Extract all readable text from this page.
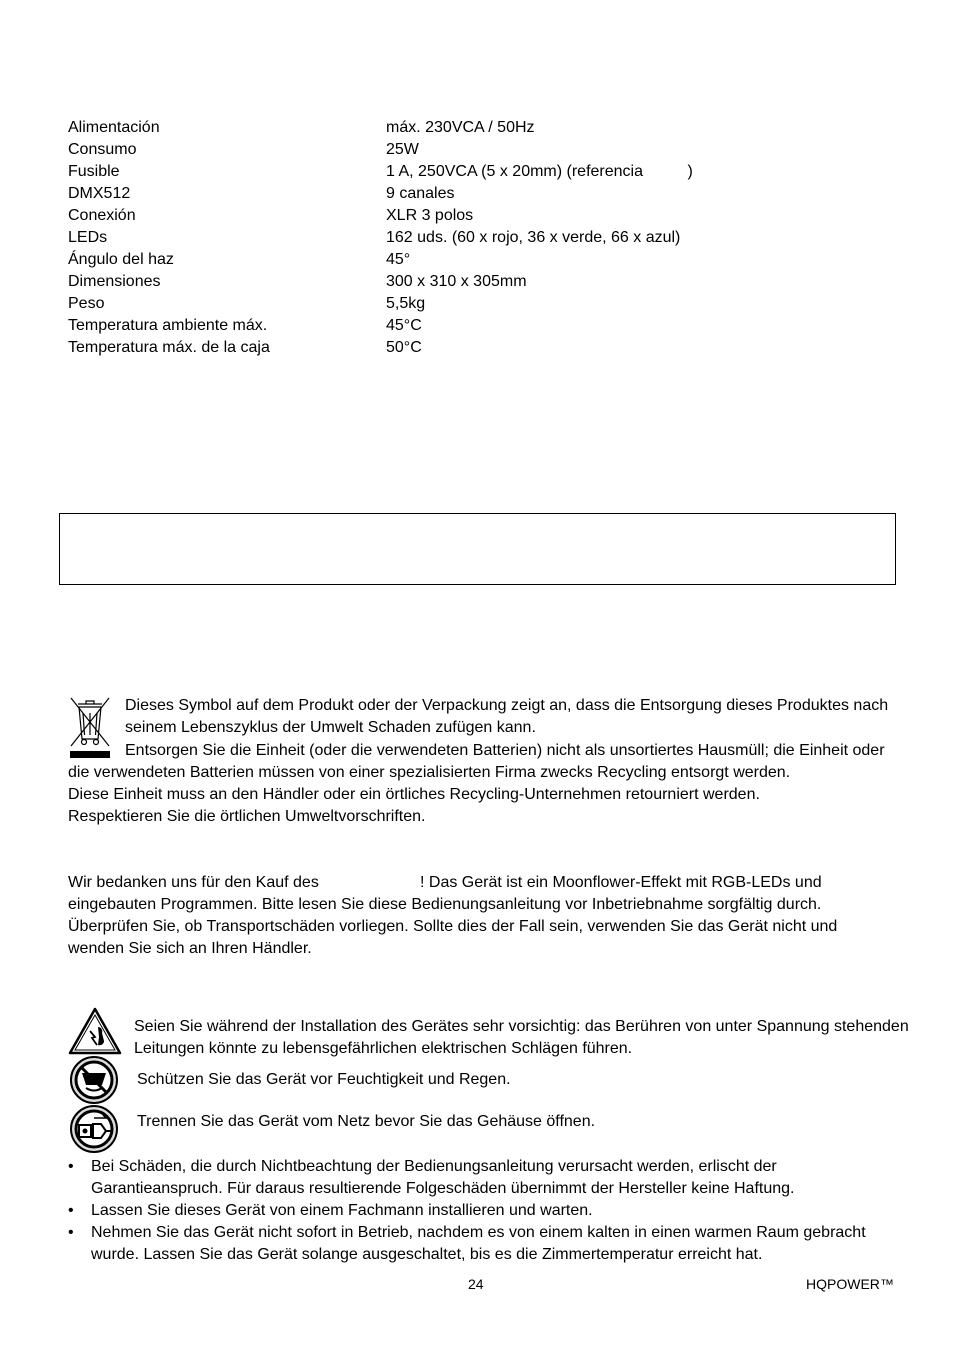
Alimentación	máx. 230VCA / 50Hz
Consumo	25W
Fusible	1 A, 250VCA (5 x 20mm) (referencia          )
DMX512	9 canales
Conexión	XLR 3 polos
LEDs	162 uds. (60 x rojo, 36 x verde, 66 x azul)
Ángulo del haz	45°
Dimensiones	300 x 310 x 305mm
Peso	5,5kg
Temperatura ambiente máx.	45°C
Temperatura máx. de la caja	50°C
Dieses Symbol auf dem Produkt oder der Verpackung zeigt an, dass die Entsorgung dieses Produktes nach
seinem Lebenszyklus der Umwelt Schaden zufügen kann.
Entsorgen Sie die Einheit (oder die verwendeten Batterien) nicht als unsortiertes Hausmüll; die Einheit oder
die verwendeten Batterien müssen von einer spezialisierten Firma zwecks Recycling entsorgt werden.
Diese Einheit muss an den Händler oder ein örtliches Recycling-Unternehmen retourniert werden.
Respektieren Sie die örtlichen Umweltvorschriften.
Wir bedanken uns für den Kauf des	! Das Gerät ist ein Moonflower-Effekt mit RGB-LEDs und
eingebauten Programmen. Bitte lesen Sie diese Bedienungsanleitung vor Inbetriebnahme sorgfältig durch.
Überprüfen Sie, ob Transportschäden vorliegen. Sollte dies der Fall sein, verwenden Sie das Gerät nicht und
wenden Sie sich an Ihren Händler.
Seien Sie während der Installation des Gerätes sehr vorsichtig: das Berühren von unter Spannung stehenden
Leitungen könnte zu lebensgefährlichen elektrischen Schlägen führen.
Schützen Sie das Gerät vor Feuchtigkeit und Regen.
Trennen Sie das Gerät vom Netz bevor Sie das Gehäuse öffnen.
• Bei Schäden, die durch Nichtbeachtung der Bedienungsanleitung verursacht werden, erlischt der
Garantieanspruch. Für daraus resultierende Folgeschäden übernimmt der Hersteller keine Haftung.
• Lassen Sie dieses Gerät von einem Fachmann installieren und warten.
• Nehmen Sie das Gerät nicht sofort in Betrieb, nachdem es von einem kalten in einen warmen Raum gebracht
wurde. Lassen Sie das Gerät solange ausgeschaltet, bis es die Zimmertemperatur erreicht hat.
24	HQPOWER™
